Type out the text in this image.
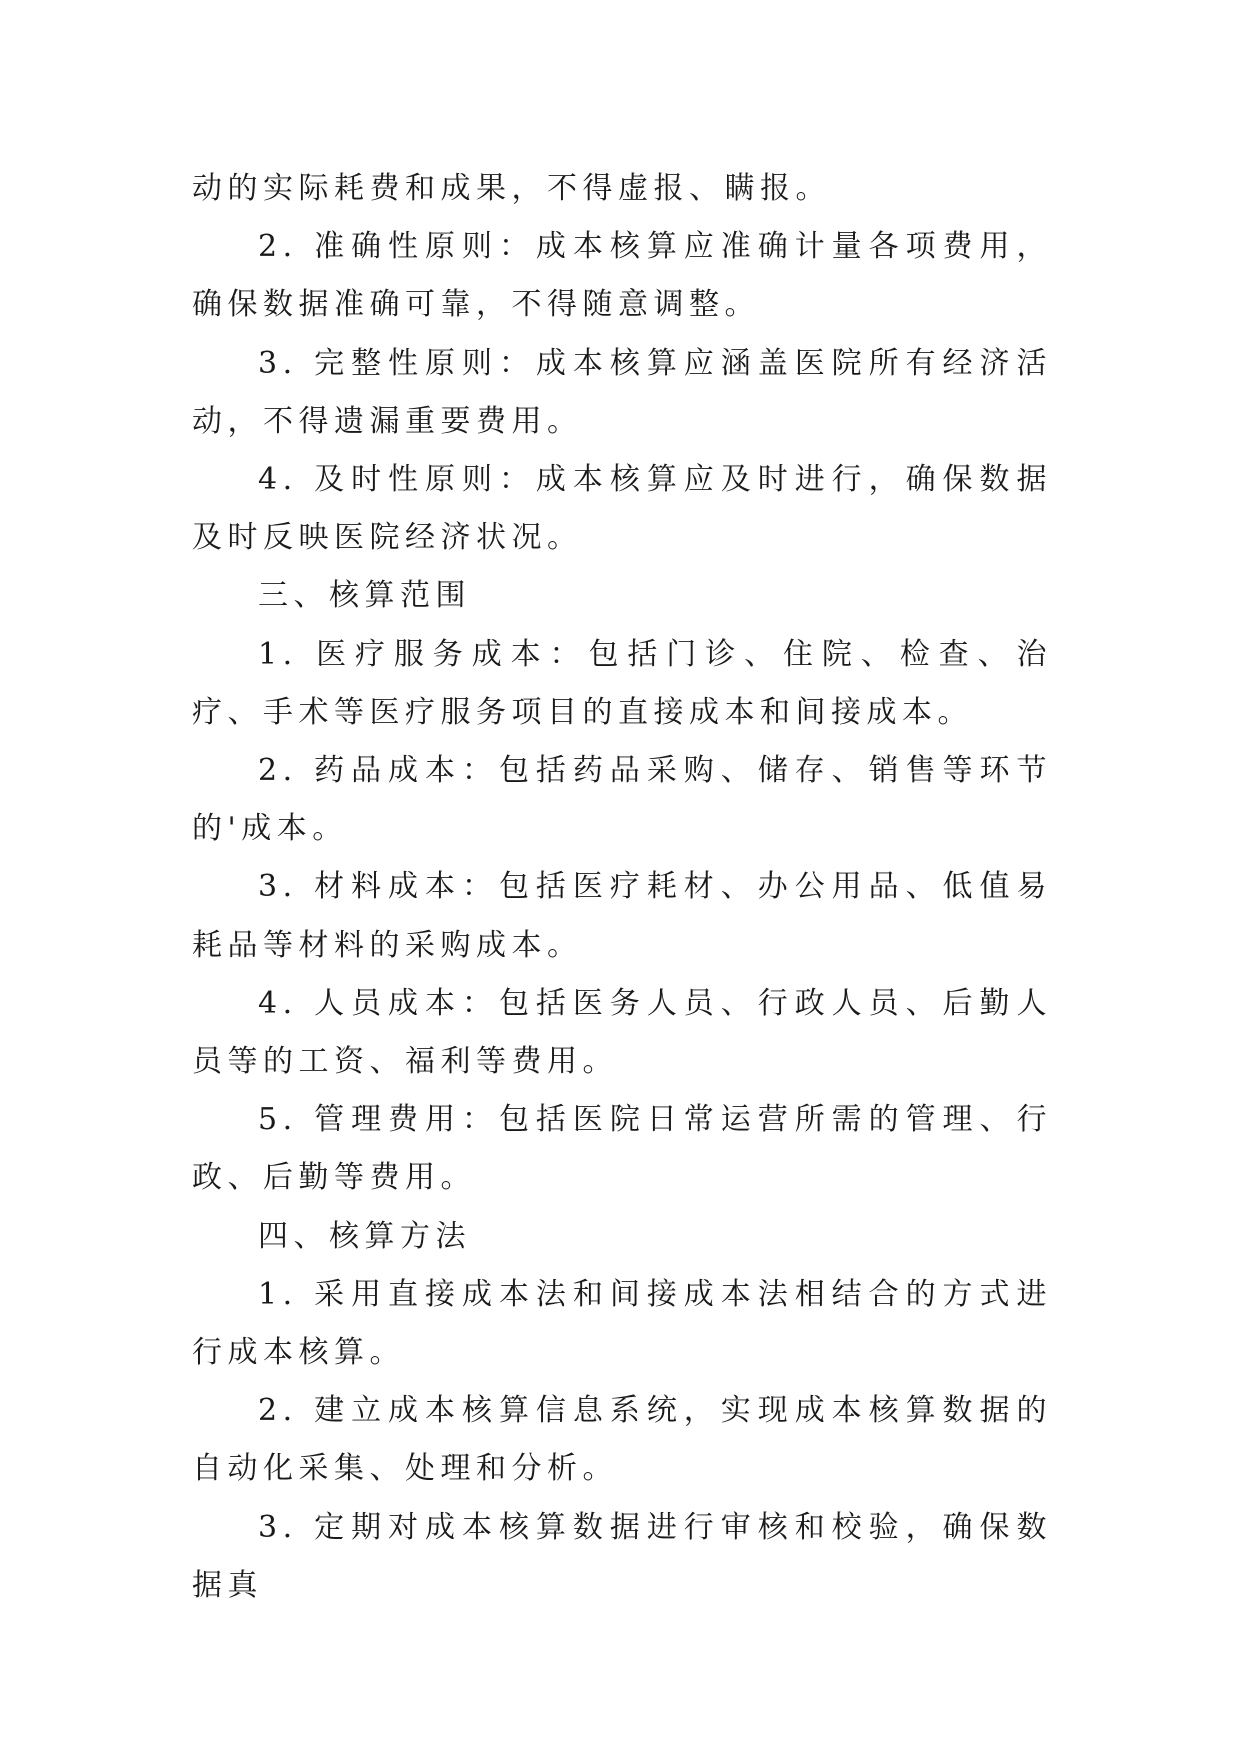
动的实际耗费和成果，不得虚报、瞒报。

2. 准确性原则：成本核算应准确计量各项费用，确保数据准确可靠，不得随意调整。

3. 完整性原则：成本核算应涵盖医院所有经济活动，不得遗漏重要费用。

4. 及时性原则：成本核算应及时进行，确保数据及时反映医院经济状况。

三、核算范围

1. 医疗服务成本：包括门诊、住院、检查、治疗、手术等医疗服务项目的直接成本和间接成本。

2. 药品成本：包括药品采购、储存、销售等环节的'成本。

3. 材料成本：包括医疗耗材、办公用品、低值易耗品等材料的采购成本。

4. 人员成本：包括医务人员、行政人员、后勤人员等的工资、福利等费用。

5. 管理费用：包括医院日常运营所需的管理、行政、后勤等费用。

四、核算方法

1. 采用直接成本法和间接成本法相结合的方式进行成本核算。

2. 建立成本核算信息系统，实现成本核算数据的自动化采集、处理和分析。

3. 定期对成本核算数据进行审核和校验，确保数据真
